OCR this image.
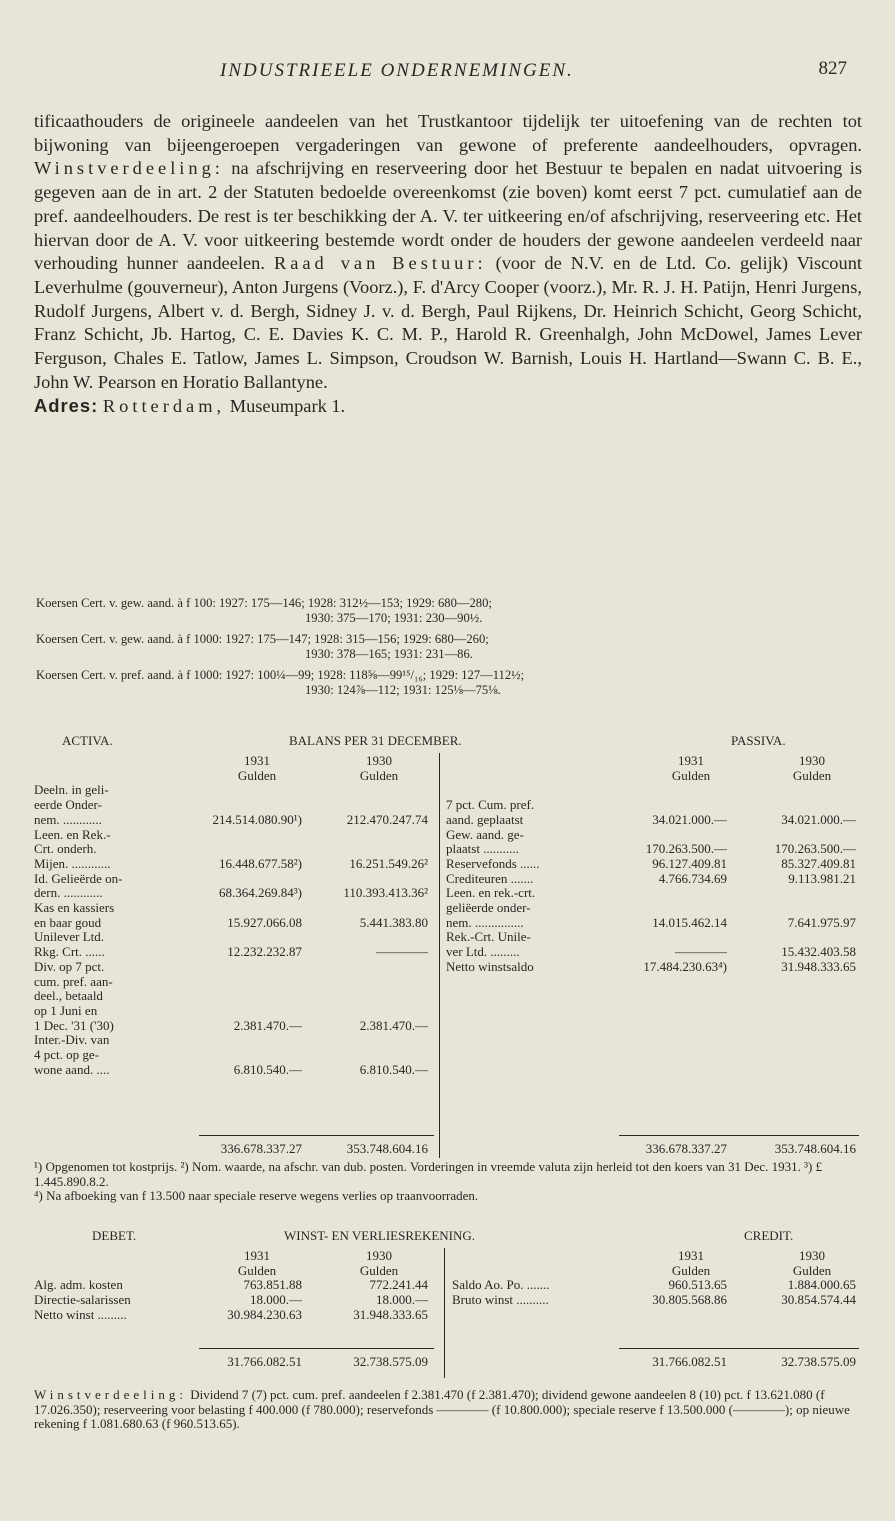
INDUSTRIEELE ONDERNEMINGEN.	827

tificaathouders de origineele aandeelen van het Trustkantoor tijdelijk ter uitoefening van de rechten tot bijwoning van bijeengeroepen vergaderingen van gewone of preferente aandeelhouders, opvragen. Winstverdeeling: na afschrijving en reserveering door het Bestuur te bepalen en nadat uitvoering is gegeven aan de in art. 2 der Statuten bedoelde overeenkomst (zie boven) komt eerst 7 pct. cumulatief aan de pref. aandeelhouders. De rest is ter beschikking der A. V. ter uitkeering en/of afschrijving, reserveering etc. Het hiervan door de A. V. voor uitkeering bestemde wordt onder de houders der gewone aandeelen verdeeld naar verhouding hunner aandeelen. Raad van Bestuur: (voor de N.V. en de Ltd. Co. gelijk) Viscount Leverhulme (gouverneur), Anton Jurgens (Voorz.), F. d'Arcy Cooper (voorz.), Mr. R. J. H. Patijn, Henri Jurgens, Rudolf Jurgens, Albert v. d. Bergh, Sidney J. v. d. Bergh, Paul Rijkens, Dr. Heinrich Schicht, Georg Schicht, Franz Schicht, Jb. Hartog, C. E. Davies K. C. M. P., Harold R. Greenhalgh, John McDowel, James Lever Ferguson, Chales E. Tatlow, James L. Simpson, Croudson W. Barnish, Louis H. Hartland—Swann C. B. E., John W. Pearson en Horatio Ballantyne.

Adres: Rotterdam, Museumpark 1.

Koersen Cert. v. gew. aand. à f 100: 1927: 175—146; 1928: 312½—153; 1929: 680—280;
1930: 375—170; 1931: 230—90½.
Koersen Cert. v. gew. aand. à f 1000: 1927: 175—147; 1928: 315—156; 1929: 680—260;
1930: 378—165; 1931: 231—86.
Koersen Cert. v. pref. aand. à f 1000: 1927: 100¼—99; 1928: 118⅝—99¹⁵/₁₆; 1929: 127—112½;
1930: 124⅞—112; 1931: 125⅛—75⅛.
ACTIVA.	BALANS PER 31 DECEMBER.	PASSIVA.
1931	1930
Gulden	Gulden
1931	1930
Gulden	Gulden
Deeln. in geli-
eerde Onder-
nem. ............	214.514.080.90¹)	212.470.247.74
Leen. en Rek.-
Crt. onderh.
Mijen. ............	16.448.677.58²)	16.251.549.26²
Id. Gelieërde on-
dern. ............	68.364.269.84³)	110.393.413.36²
Kas en kassiers
en baar goud	15.927.066.08	5.441.383.80
Unilever Ltd.
Rkg. Crt. ......	12.232.232.87	————
Div. op 7 pct.
cum. pref. aan-
deel., betaald
op 1 Juni en
1 Dec. '31 ('30)	2.381.470.—	2.381.470.—
Inter.-Div. van
4 pct. op ge-
wone aand. ....	6.810.540.—	6.810.540.—
7 pct. Cum. pref.
aand. geplaatst	34.021.000.—	34.021.000.—
Gew. aand. ge-
plaatst ...........	170.263.500.—	170.263.500.—
Reservefonds ......	96.127.409.81	85.327.409.81
Crediteuren .......	4.766.734.69	9.113.981.21
Leen. en rek.-crt.
geliëerde onder-
nem. ...............	14.015.462.14	7.641.975.97
Rek.-Crt. Unile-
ver Ltd. .........	————	15.432.403.58
Netto winstsaldo	17.484.230.63⁴)	31.948.333.65
336.678.337.27	353.748.604.16	336.678.337.27	353.748.604.16
¹) Opgenomen tot kostprijs. ²) Nom. waarde, na afschr. van dub. posten. Vorderingen in vreemde valuta zijn herleid tot den koers van 31 Dec. 1931. ³) £ 1.445.890.8.2.
⁴) Na afboeking van f 13.500 naar speciale reserve wegens verlies op traanvoorraden.
DEBET.	WINST- EN VERLIESREKENING.	CREDIT.
1931	1930
Gulden	Gulden
1931	1930
Gulden	Gulden
Alg. adm. kosten	763.851.88	772.241.44
Directie-salarissen	18.000.—	18.000.—
Netto winst .........	30.984.230.63	31.948.333.65
Saldo Ao. Po. .......	960.513.65	1.884.000.65
Bruto winst ..........	30.805.568.86	30.854.574.44
31.766.082.51	32.738.575.09	31.766.082.51	32.738.575.09
Winstverdeeling: Dividend 7 (7) pct. cum. pref. aandeelen f 2.381.470 (f 2.381.470); dividend gewone aandeelen 8 (10) pct. f 13.621.080 (f 17.026.350); reserveering voor belasting f 400.000 (f 780.000); reservefonds ———— (f 10.800.000); speciale reserve f 13.500.000 (————); op nieuwe rekening f 1.081.680.63 (f 960.513.65).
